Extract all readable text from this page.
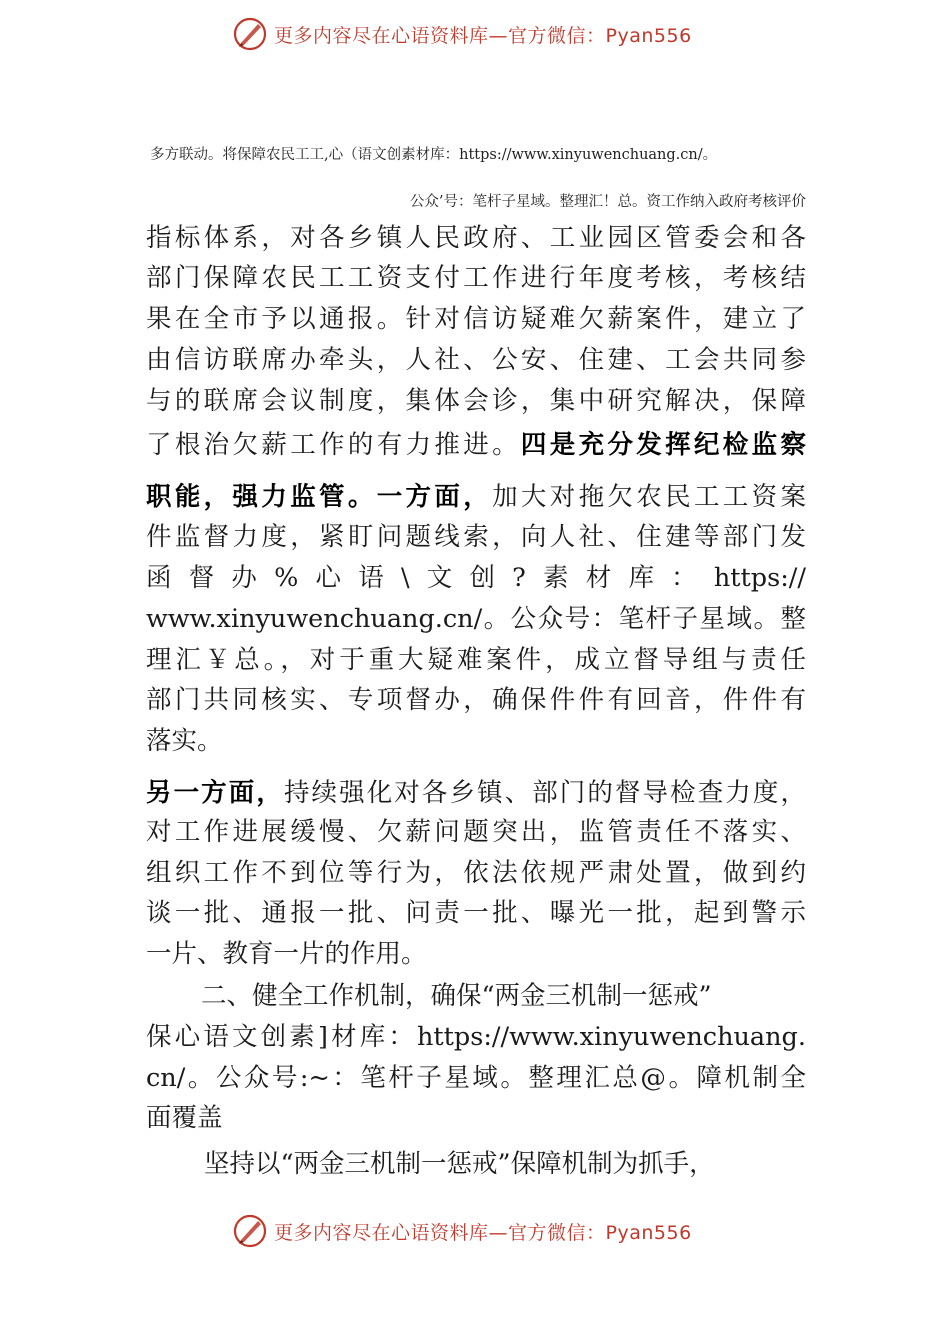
更多内容尽在心语资料库—官方微信：Pyan556
多方联动。将保障农民工工,心（语文创素材库：https://www.xinyuwenchuang.cn/。
公众’号：笔杆子星域。整理汇！总。资工作纳入政府考核评价
指标体系，对各乡镇人民政府、工业园区管委会和各
部门保障农民工工资支付工作进行年度考核，考核结
果在全市予以通报。针对信访疑难欠薪案件，建立了
由信访联席办牵头，人社、公安、住建、工会共同参
与的联席会议制度，集体会诊，集中研究解决，保障
了根治欠薪工作的有力推进。四是充分发挥纪检监察
职能，强力监管。一方面，加大对拖欠农民工工资案
件监督力度，紧盯问题线索，向人社、住建等部门发
函督办%心语\文创?素材库：https://
www.xinyuwenchuang.cn/。公众号：笔杆子星域。整
理汇￥总。，对于重大疑难案件，成立督导组与责任
部门共同核实、专项督办，确保件件有回音，件件有
落实。
另一方面，持续强化对各乡镇、部门的督导检查力度，
对工作进展缓慢、欠薪问题突出，监管责任不落实、
组织工作不到位等行为，依法依规严肃处置，做到约
谈一批、通报一批、问责一批、曝光一批，起到警示
一片、教育一片的作用。
二、健全工作机制，确保“两金三机制一惩戒”
保心语文创素]材库：https://www.xinyuwenchuang.
cn/。公众号:~：笔杆子星域。整理汇总@。障机制全
面覆盖
坚持以“两金三机制一惩戒”保障机制为抓手，
更多内容尽在心语资料库—官方微信：Pyan556
